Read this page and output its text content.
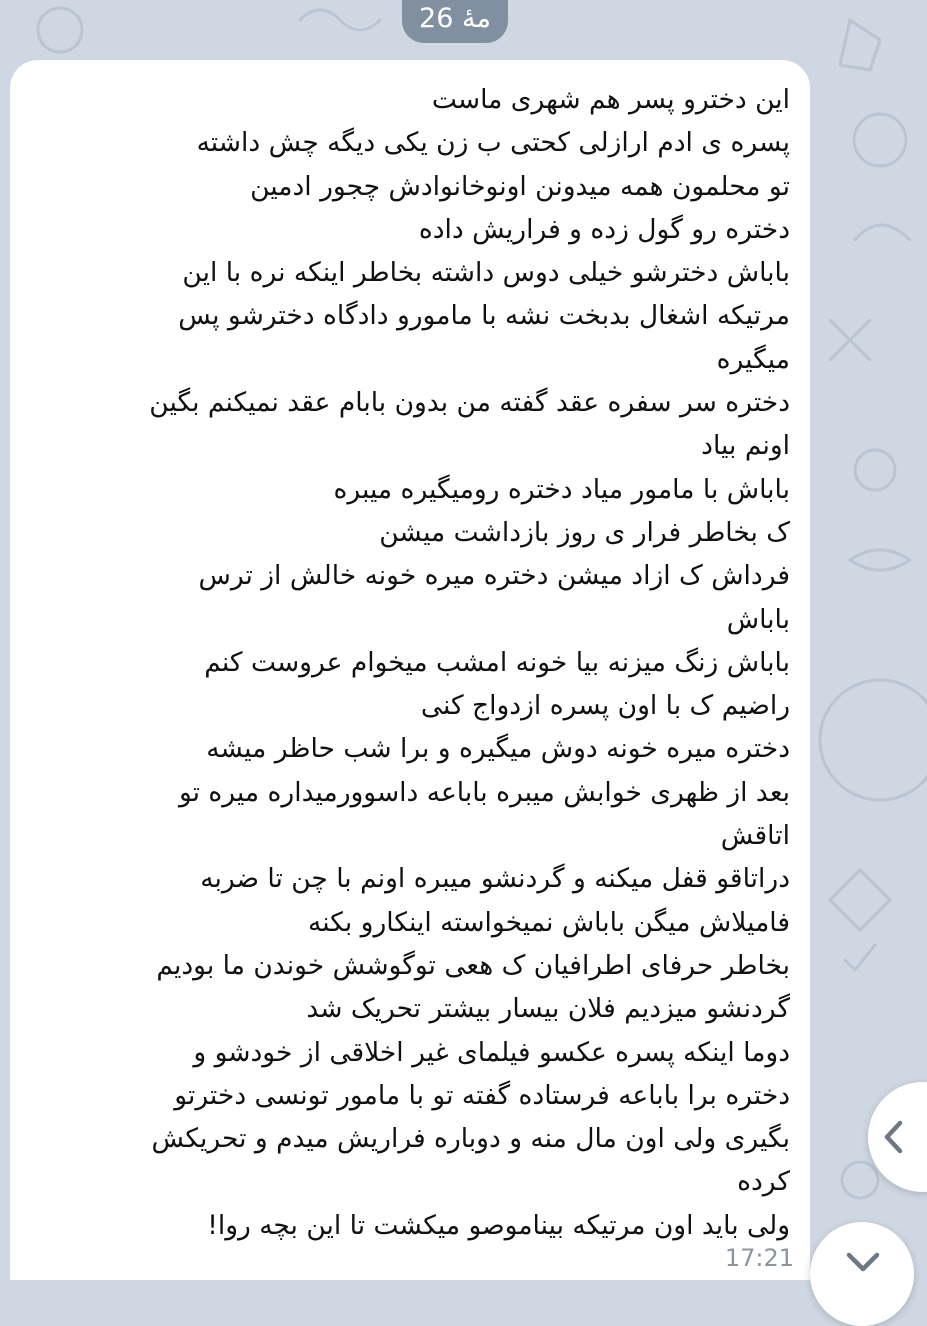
مهٔ 26
این دخترو پسر هم شهری ماست
پسره ی ادم ارازلی کحتی ب زن یکی دیگه چش داشته
تو محلمون همه میدونن اونوخانوادش چجور ادمین
دختره رو گول زده و فراریش داده
باباش دخترشو خیلی دوس داشته بخاطر اینکه نره با این
مرتیکه اشغال بدبخت نشه با مامورو دادگاه دخترشو پس
میگیره
دختره سر سفره عقد گفته من بدون بابام عقد نمیکنم بگین
اونم بیاد
باباش با مامور میاد دختره رومیگیره میبره
ک بخاطر فرار ی روز بازداشت میشن
فرداش ک ازاد میشن دختره میره خونه خالش از ترس
باباش
باباش زنگ میزنه بیا خونه امشب میخوام عروست کنم
راضیم ک با اون پسره ازدواج کنی
دختره میره خونه دوش میگیره و برا شب حاظر میشه
بعد از ظهری خوابش میبره باباعه داسوورمیداره میره تو
اتاقش
دراتاقو قفل میکنه و گردنشو میبره اونم با چن تا ضربه
فامیلاش میگن باباش نمیخواسته اینکارو بکنه
بخاطر حرفای اطرافیان ک هعی توگوشش خوندن ما بودیم
گردنشو میزدیم فلان بیسار بیشتر تحریک شد
دوما اینکه پسره عکسو فیلمای غیر اخلاقی از خودشو و
دختره برا باباعه فرستاده گفته تو با مامور تونسی دخترتو
بگیری ولی اون مال منه و دوباره فراریش میدم و تحریکش
کرده
ولی باید اون مرتیکه بیناموصو میکشت تا این بچه روا!
17:21
